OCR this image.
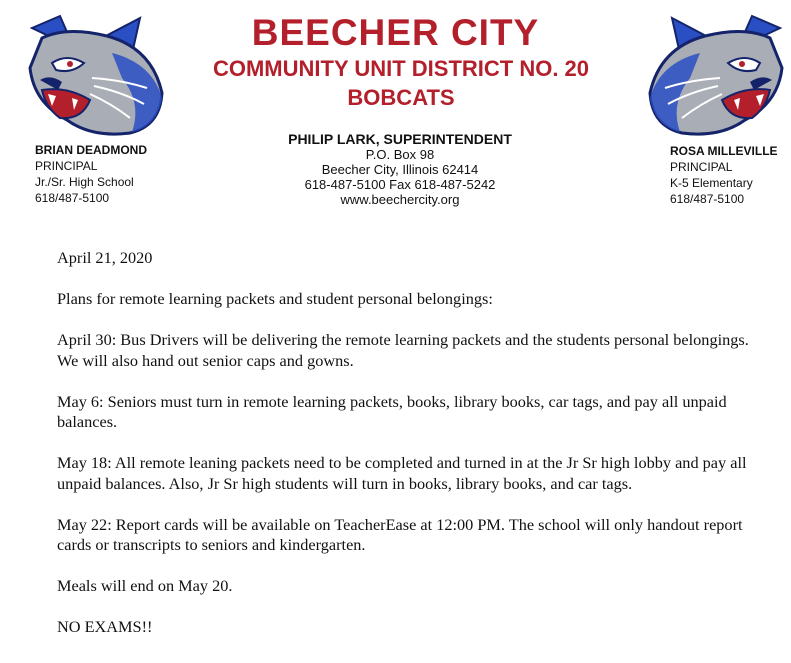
BEECHER CITY
COMMUNITY UNIT DISTRICT NO. 20
BOBCATS
BRIAN DEADMOND
PRINCIPAL
Jr./Sr. High School
618/487-5100
PHILIP LARK, SUPERINTENDENT
P.O. Box 98
Beecher City, Illinois 62414
618-487-5100 Fax 618-487-5242
www.beechercity.org
ROSA MILLEVILLE
PRINCIPAL
K-5 Elementary
618/487-5100

April 21, 2020

Plans for remote learning packets and student personal belongings:

April 30: Bus Drivers will be delivering the remote learning packets and the students personal belongings. We will also hand out senior caps and gowns.

May 6: Seniors must turn in remote learning packets, books, library books, car tags, and pay all unpaid balances.

May 18: All remote leaning packets need to be completed and turned in at the Jr Sr high lobby and pay all unpaid balances. Also, Jr Sr high students will turn in books, library books, and car tags.

May 22: Report cards will be available on TeacherEase at 12:00 PM. The school will only handout report cards or transcripts to seniors and kindergarten.

Meals will end on May 20.

NO EXAMS!!
